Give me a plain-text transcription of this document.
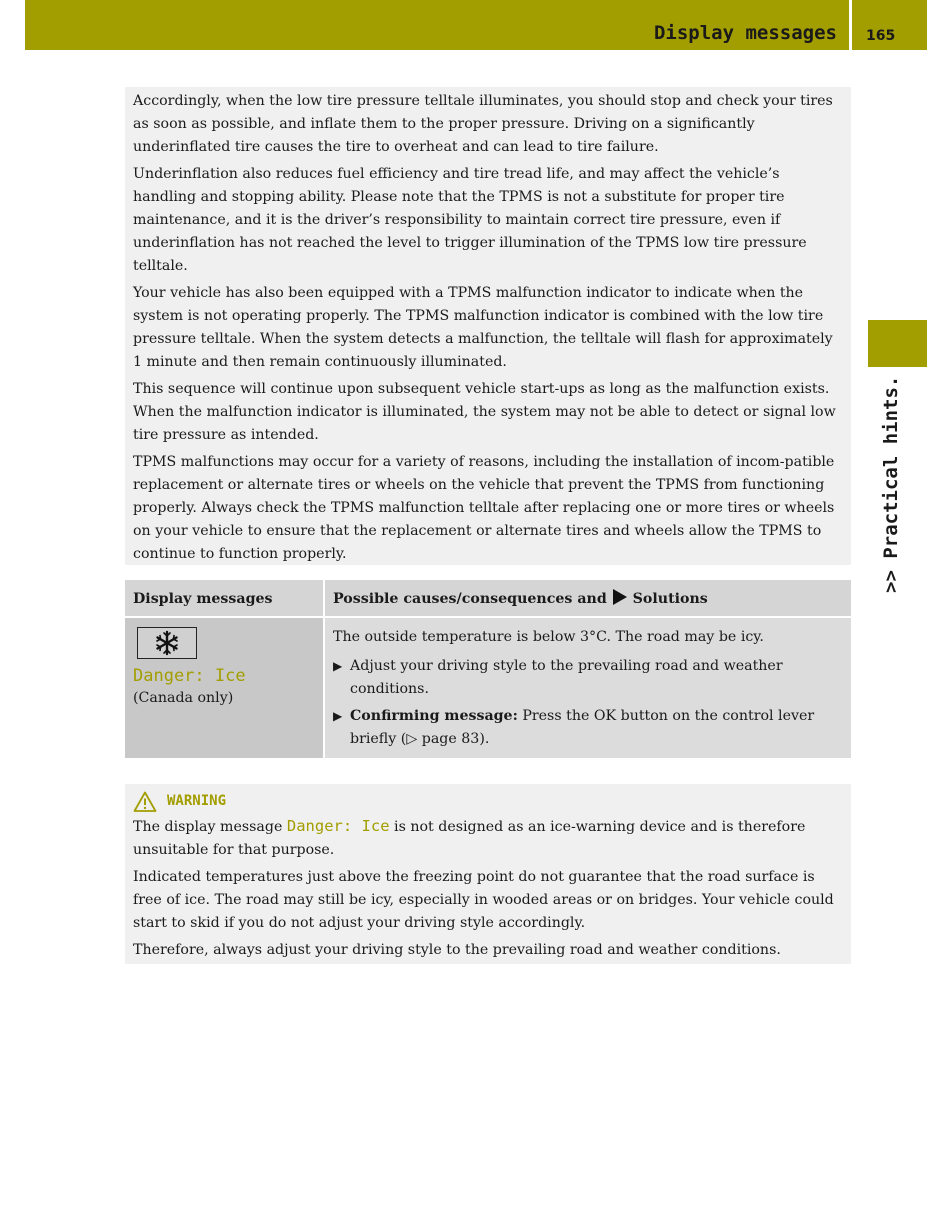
Display messages 165
>> Practical hints.

Accordingly, when the low tire pressure telltale illuminates, you should stop and check your tires as soon as possible, and inflate them to the proper pressure. Driving on a significantly underinflated tire causes the tire to overheat and can lead to tire failure.

Underinflation also reduces fuel efficiency and tire tread life, and may affect the vehicle’s handling and stopping ability. Please note that the TPMS is not a substitute for proper tire maintenance, and it is the driver’s responsibility to maintain correct tire pressure, even if underinflation has not reached the level to trigger illumination of the TPMS low tire pressure telltale.

Your vehicle has also been equipped with a TPMS malfunction indicator to indicate when the system is not operating properly. The TPMS malfunction indicator is combined with the low tire pressure telltale. When the system detects a malfunction, the telltale will flash for approximately 1 minute and then remain continuously illuminated.

This sequence will continue upon subsequent vehicle start-ups as long as the malfunction exists. When the malfunction indicator is illuminated, the system may not be able to detect or signal low tire pressure as intended.

TPMS malfunctions may occur for a variety of reasons, including the installation of incom-patible replacement or alternate tires or wheels on the vehicle that prevent the TPMS from functioning properly. Always check the TPMS malfunction telltale after replacing one or more tires or wheels on your vehicle to ensure that the replacement or alternate tires and wheels allow the TPMS to continue to function properly.

Display messages	Possible causes/consequences and Solutions
Danger: Ice
(Canada only)

The outside temperature is below 3°C. The road may be icy.

▶ Adjust your driving style to the prevailing road and weather conditions.
▶ Confirming message: Press the OK button on the control lever briefly (▷ page 83).
WARNING

The display message Danger: Ice is not designed as an ice-warning device and is therefore unsuitable for that purpose.

Indicated temperatures just above the freezing point do not guarantee that the road surface is free of ice. The road may still be icy, especially in wooded areas or on bridges. Your vehicle could start to skid if you do not adjust your driving style accordingly.

Therefore, always adjust your driving style to the prevailing road and weather conditions.
